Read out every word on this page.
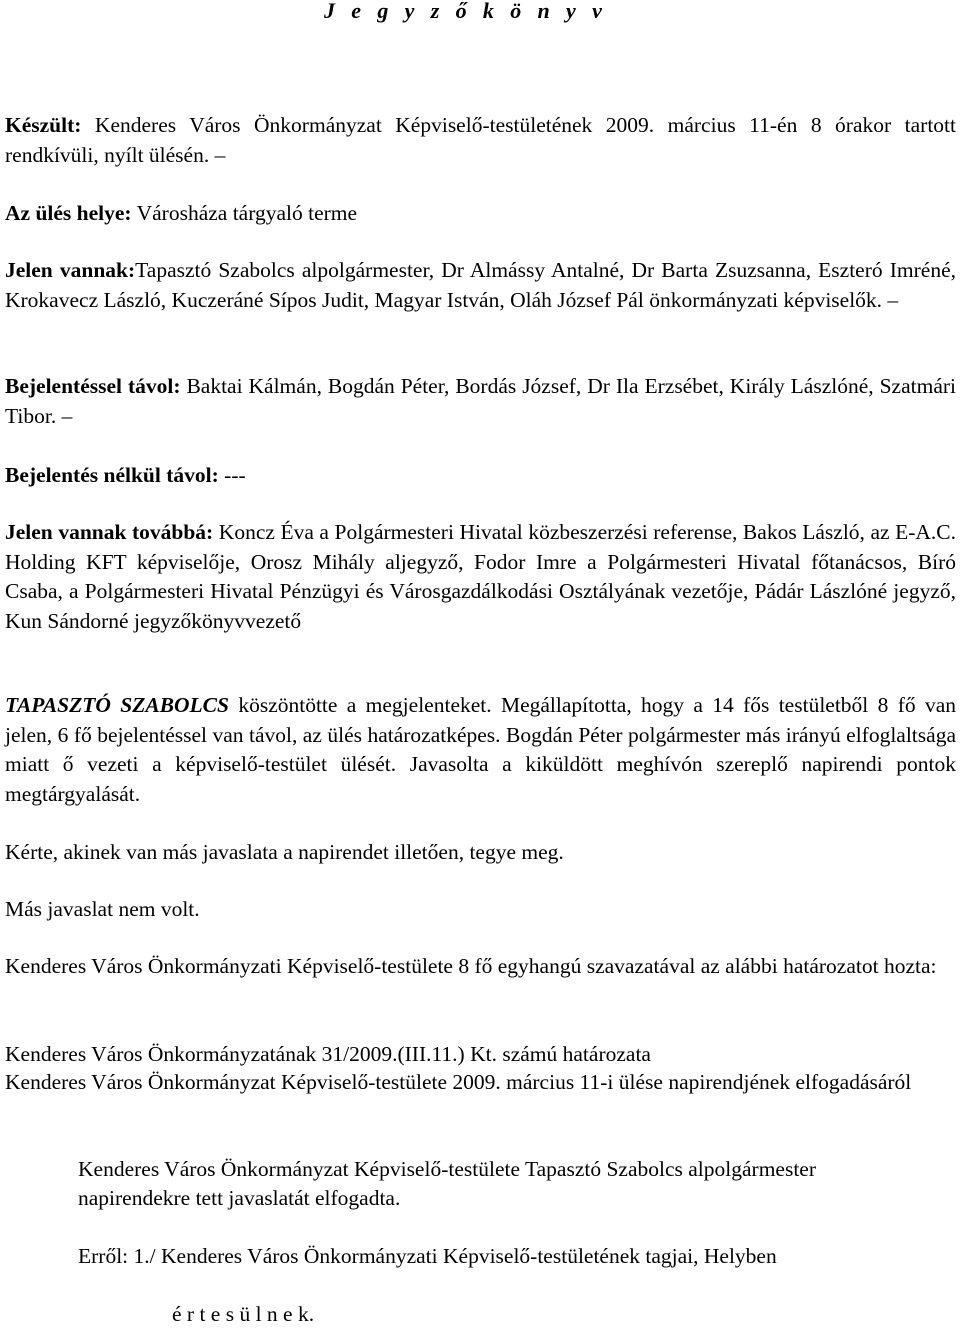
J e g y z ő k ö n y v
Készült: Kenderes Város Önkormányzat Képviselő-testületének 2009. március 11-én 8 órakor tartott rendkívüli, nyílt ülésén. –
Az ülés helye: Városháza tárgyaló terme
Jelen vannak:Tapasztó Szabolcs alpolgármester, Dr Almássy Antalné, Dr Barta Zsuzsanna, Eszteró Imréné, Krokavecz László, Kuczeráné Sípos Judit, Magyar István, Oláh József Pál önkormányzati képviselők. –
Bejelentéssel távol: Baktai Kálmán, Bogdán Péter, Bordás József, Dr Ila Erzsébet, Király Lászlóné, Szatmári Tibor. –
Bejelentés nélkül távol: ---
Jelen vannak továbbá: Koncz Éva a Polgármesteri Hivatal közbeszerzési referense, Bakos László, az E-A.C. Holding KFT képviselője, Orosz Mihály aljegyző, Fodor Imre a Polgármesteri Hivatal főtanácsos, Bíró Csaba, a Polgármesteri Hivatal Pénzügyi és Városgazdálkodási Osztályának vezetője, Pádár Lászlóné jegyző, Kun Sándorné jegyzőkönyvvezető
TAPASZTÓ SZABOLCS köszöntötte a megjelenteket. Megállapította, hogy a 14 fős testületből 8 fő van jelen, 6 fő bejelentéssel van távol, az ülés határozatképes. Bogdán Péter polgármester más irányú elfoglaltsága miatt ő vezeti a képviselő-testület ülését. Javasolta a kiküldött meghívón szereplő napirendi pontok megtárgyalását.
Kérte, akinek van más javaslata a napirendet illetően, tegye meg.
Más javaslat nem volt.
Kenderes Város Önkormányzati Képviselő-testülete 8 fő egyhangú szavazatával az alábbi határozatot hozta:
Kenderes Város Önkormányzatának 31/2009.(III.11.) Kt. számú határozata
Kenderes Város Önkormányzat Képviselő-testülete 2009. március 11-i ülése napirendjének elfogadásáról
Kenderes Város Önkormányzat Képviselő-testülete Tapasztó Szabolcs alpolgármester
napirendekre tett javaslatát elfogadta.
Erről: 1./ Kenderes Város Önkormányzati Képviselő-testületének tagjai, Helyben
é r t e s ü l n e k.
